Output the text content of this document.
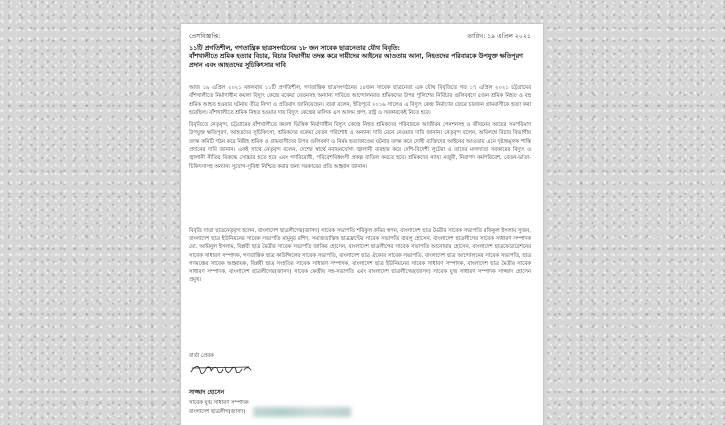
প্রেসবিজ্ঞপ্তি:	তারিখ: ১৯ এপ্রিল ২০২১
১১টি প্রগতিশীল, গণতান্ত্রিক ছাত্রসংগঠনের ১৮ জন সাবেক ছাত্রনেতার যৌথ বিবৃতি:
বাঁশখালীতে শ্রমিক হত্যার বিচার, বিচার বিভাগীয় তদন্ত করে দায়ীদের আইনের আওতায় আনা, নিহতদের পরিবারকে উপযুক্ত ক্ষতিপূরণ প্রদান এবং আহতদের সুচিকিৎসার দাবি

আজ ১৯ এপ্রিল ২০২১ মঙ্গলবার ১১টি প্রগতিশীল, গণতান্ত্রিক ছাত্রসংগঠনের ১৮জন সাবেক ছাত্রনেতা এক যৌথ বিবৃতিতে গত ১৭ এপ্রিল ২০২১ চট্টগ্রামের বাঁশখালীতে নির্মাণাধীন কয়লা বিদ্যুৎ কেন্দ্রে বকেয়া বেতনসহ অন্যান্য দাবিতে আন্দোলনরত শ্রমিকদের উপর পুলিশের নির্বিচার গুলিবর্ষণে ৫জন শ্রমিক নিহত ও বহু শ্রমিক আহত হওয়ার ঘটনায় তীব্র নিন্দা ও প্রতিবাদ জানিয়েছেন। তারা বলেন, ইতিপূর্বে ২০১৬ সালেও এ বিদ্যুৎ কেন্দ্র নির্মাণের জেরে চারজন গ্রামবাসীকে হত্যা করা হয়েছিল। বাঁশখালীতে শ্রমিক নিহত হওয়ার দায় বিদ্যুৎ কেন্দ্রের মালিক এস আলম গ্রুপ, রাষ্ট্র ও সরকারকেই নিতে হবে।

বিবৃতিতে নেতৃবৃন্দ, চট্টগ্রামের বাঁশখালীতে কয়লা ভিত্তিক নির্মাণাধীন বিদ্যুৎ কেন্দ্রে নিহত শ্রমিকদের পরিবারকে আজীবন পেনশনসহ ও জীবনের আয়ের সমপরিমাণ উপযুক্ত ক্ষতিপূরণ, আহতদের সুচিকিৎসা, শ্রমিকদের বকেয়া বেতন পরিশোধ ও অন্যান্য দাবি মেনে নেওয়ার দাবি জানান। নেতৃবৃন্দ বলেন, অবিলম্বে বিচার বিভাগীয় তদন্ত কমিটি গঠন করে নিরীহ শ্রমিক ও গ্রামবাসীদের উপর গুলিবর্ষণ ও নির্মম হত্যাকাণ্ডের ঘটনার তদন্ত করে দোষী ব্যক্তিদের আইনের আওতায় এনে দৃষ্টান্তমূলক শাস্তি প্রদানের দাবি জানান। একই সাথে নেতৃবৃন্দ বলেন, দেশের স্বার্থে নবায়নযোগ্য জ্বালানী ব্যবহার করে দেশি-বিদেশী লুটেরা ও তাদের মদদদাতা সরকারের বিদ্যুৎ ও জ্বালানী নীতির বিরুদ্ধে সোচ্চার হতে হবে এবং গণবিরোধী, পরিবেশবিধ্বংসী প্রকল্প বাতিল করতে হবে। শ্রমিকদের ন্যায্য মজুরী, নিরাপদ কর্মপরিবেশ, বেতন-ভাতা-চিকিৎসাসহ অন্যান্য সুযোগ-সুবিধা নিশ্চিত করার জন্য সরকারের প্রতি আহ্বান জানান।

বিবৃতি দাতা ছাত্রনেতৃবৃন্দ হলেন, বাংলাদেশ ছাত্রলীগের(জাসদ) সাবেক সভাপতি শরিফুল কবির স্বপন, বাংলাদেশ ছাত্র মৈত্রীর সাবেক সভাপতি রফিকুল ইসলাম সুজন, বাংলাদেশ ছাত্র ইউনিয়নের সাবেক সভাপতি মামুনুর রশিদ, সমাজতান্ত্রিক ছাত্রফ্রন্টের সাবেক সভাপতি বাবলু হোসেন, বাংলাদেশ ছাত্রলীগের সাবেক সাধারণ সম্পাদক মো. আমিনুল ইসলাম, বিপ্লবী ছাত্র মৈত্রীর সাবেক সভাপতি জাকির হোসেন, বাংলাদেশ ছাত্রলীগের সাবেক সভাপতি আনোয়ার হোসেন, বাংলাদেশ ছাত্রফেডারেশনের সাবেক সাধারণ সম্পাদক, গণতান্ত্রিক ছাত্র কাউন্সিলের সাবেক সভাপতি, বাংলাদেশ ছাত্র ঐক্যের সাবেক সভাপতি, বাংলাদেশ ছাত্র আন্দোলনের সাবেক সভাপতি, ছাত্র গণমঞ্চের সাবেক আহ্বায়ক, বিপ্লবী ছাত্র সংহতির সাবেক সাধারণ সম্পাদক, বাংলাদেশ ছাত্র ইউনিয়নের সাবেক সাধারণ সম্পাদক, বাংলাদেশ ছাত্র মৈত্রীর সাবেক সাধারণ সম্পাদক, বাংলাদেশ ছাত্রলীগের(জাসদ) সাবেক কেন্দ্রীয় সহ-সভাপতি এবং বাংলাদেশ ছাত্রলীগের(জাসদ) সাবেক যুগ্ম সাধারণ সম্পাদক সাজ্জাদ হোসেন প্রমুখ।
বার্তা প্রেরক
সাজ্জাদ হোসেন
সাবেক যুগ্ম সাধারণ সম্পাদক
বাংলাদেশ ছাত্রলীগ(জাসদ)
